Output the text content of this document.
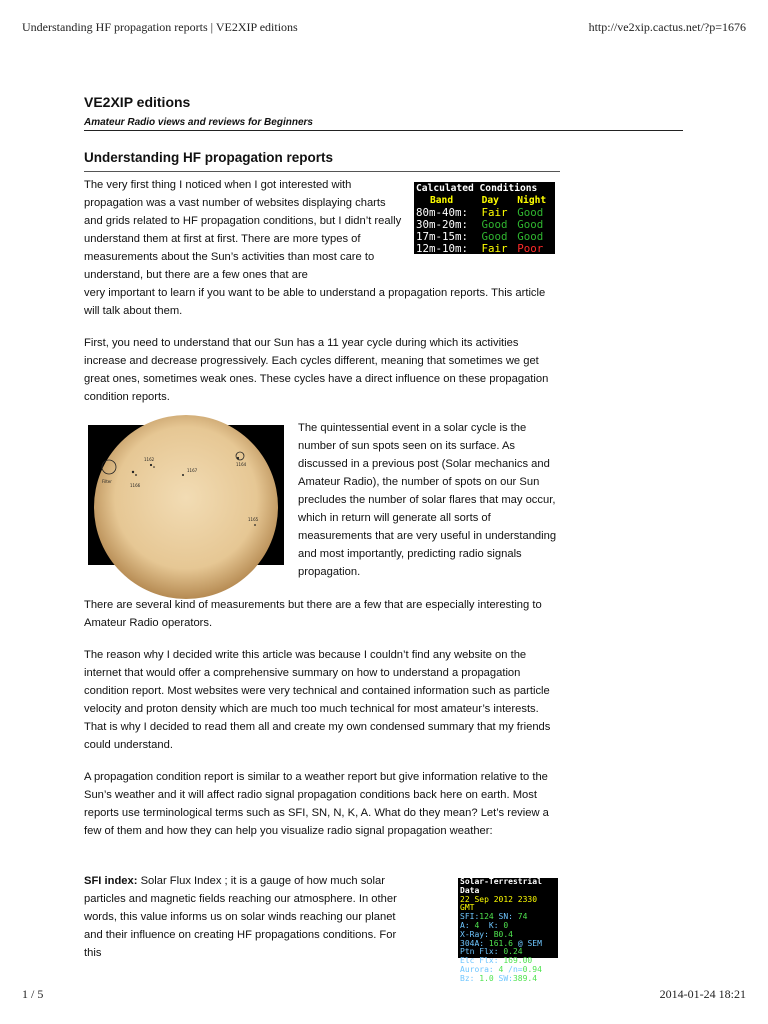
Understanding HF propagation reports | VE2XIP editions	http://ve2xip.cactus.net/?p=1676
VE2XIP editions
Amateur Radio views and reviews for Beginners
Understanding HF propagation reports
Calculated Conditions
Band	Day	Night
80m-40m:	Fair Good
30m-20m:	Good Good
17m-15m:	Good Good
12m-10m:	Fair Poor
The very first thing I noticed when I got interested with propagation was a vast number of websites displaying charts and grids related to HF propagation conditions, but I didn’t really understand them at first at first. There are more types of measurements about the Sun’s activities than most care to understand, but there are a few ones that are
very important to learn if you want to be able to understand a propagation reports. This article will talk about them.
First, you need to understand that our Sun has a 11 year cycle during which its activities increase and decrease progressively. Each cycles different, meaning that sometimes we get great ones, sometimes weak ones. These cycles have a direct influence on these propagation condition reports.
Filter
1166
1162
1167
1164
1165
The quintessential event in a solar cycle is the number of sun spots seen on its surface. As discussed in a previous post (Solar mechanics and Amateur Radio), the number of spots on our Sun precludes the number of solar flares that may occur, which in return will generate all sorts of measurements that are very useful in understanding and most importantly, predicting radio signals propagation.
There are several kind of measurements but there are a few that are especially interesting to Amateur Radio operators.
The reason why I decided write this article was because I couldn’t find any website on the internet that would offer a comprehensive summary on how to understand a propagation condition report. Most websites were very technical and contained information such as particle velocity and proton density which are much too much technical for most amateur’s interests. That is why I decided to read them all and create my own condensed summary that my friends could understand.
A propagation condition report is similar to a weather report but give information relative to the Sun’s weather and it will affect radio signal propagation conditions back here on earth. Most reports use terminological terms such as SFI, SN, N, K, A. What do they mean? Let’s review a few of them and how they can help you visualize radio signal propagation weather:
SFI index: Solar Flux Index ; it is a gauge of how much solar particles and magnetic fields reaching our atmosphere. In other words, this value informs us on solar winds reaching our planet and their influence on creating HF propagations conditions. For this
Solar-Terrestrial Data
22 Sep 2012 2330 GMT
SFI: 124 SN: 74
A: 4 K: 0
X-Ray: B0.4
304A: 161.6 @ SEM
Ptn Flx: 0.24
Elc Flx: 169.00
Aurora: 4 /n= 0.94
Bz: 1.0 SW: 389.4
HF Conditions
1 / 5	2014-01-24 18:21
